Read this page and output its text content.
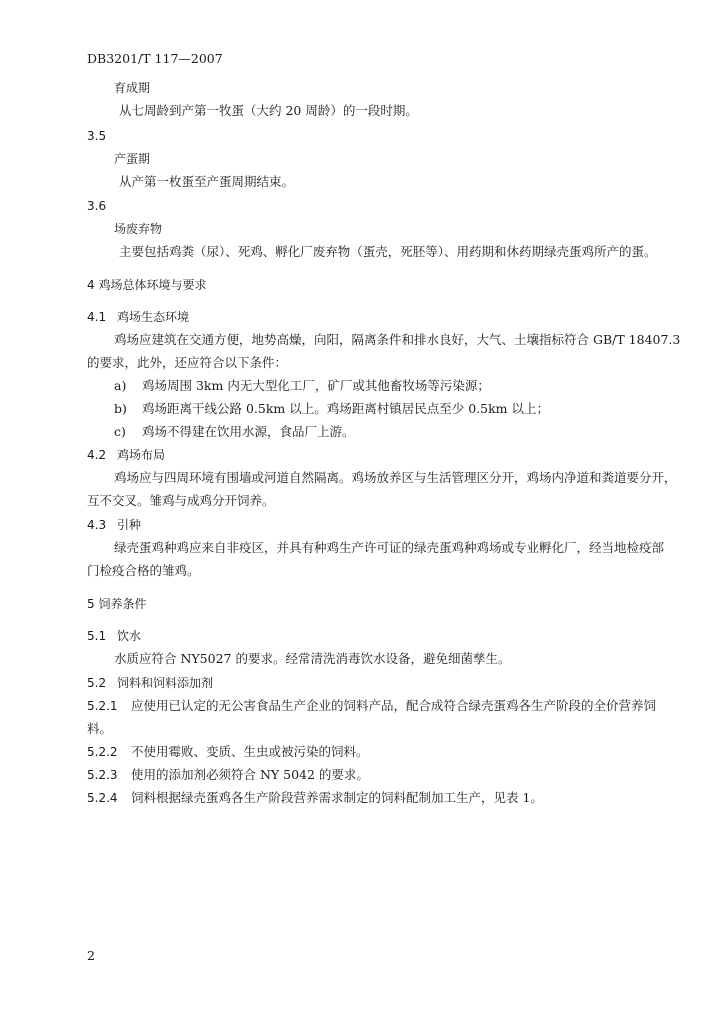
DB3201/T 117—2007
育成期
从七周龄到产第一牧蛋（大约 20 周龄）的一段时期。
3.5
产蛋期
从产第一枚蛋至产蛋周期结束。
3.6
场废弃物
主要包括鸡粪（尿）、死鸡、孵化厂废弃物（蛋壳，死胚等）、用药期和休药期绿壳蛋鸡所产的蛋。
4 鸡场总体环境与要求
4.1 鸡场生态环境
鸡场应建筑在交通方便，地势高燥，向阳，隔离条件和排水良好，大气、土壤指标符合 GB/T 18407.3
的要求，此外，还应符合以下条件：
a) 鸡场周围 3km 内无大型化工厂，矿厂或其他畜牧场等污染源；
b) 鸡场距离干线公路 0.5km 以上。鸡场距离村镇居民点至少 0.5km 以上；
c) 鸡场不得建在饮用水源，食品厂上游。
4.2 鸡场布局
鸡场应与四周环境有围墙或河道自然隔离。鸡场放养区与生活管理区分开，鸡场内净道和粪道要分开，
互不交叉。雏鸡与成鸡分开饲养。
4.3 引种
绿壳蛋鸡种鸡应来自非疫区，并具有种鸡生产许可证的绿壳蛋鸡种鸡场或专业孵化厂，经当地检疫部
门检疫合格的雏鸡。
5 饲养条件
5.1 饮水
水质应符合 NY5027 的要求。经常清洗消毒饮水设备，避免细菌孳生。
5.2 饲料和饲料添加剂
5.2.1 应使用已认定的无公害食品生产企业的饲料产品，配合成符合绿壳蛋鸡各生产阶段的全价营养饲
料。
5.2.2 不使用霉败、变质、生虫或被污染的饲料。
5.2.3 使用的添加剂必须符合 NY 5042 的要求。
5.2.4 饲料根据绿壳蛋鸡各生产阶段营养需求制定的饲料配制加工生产，见表 1。
2
